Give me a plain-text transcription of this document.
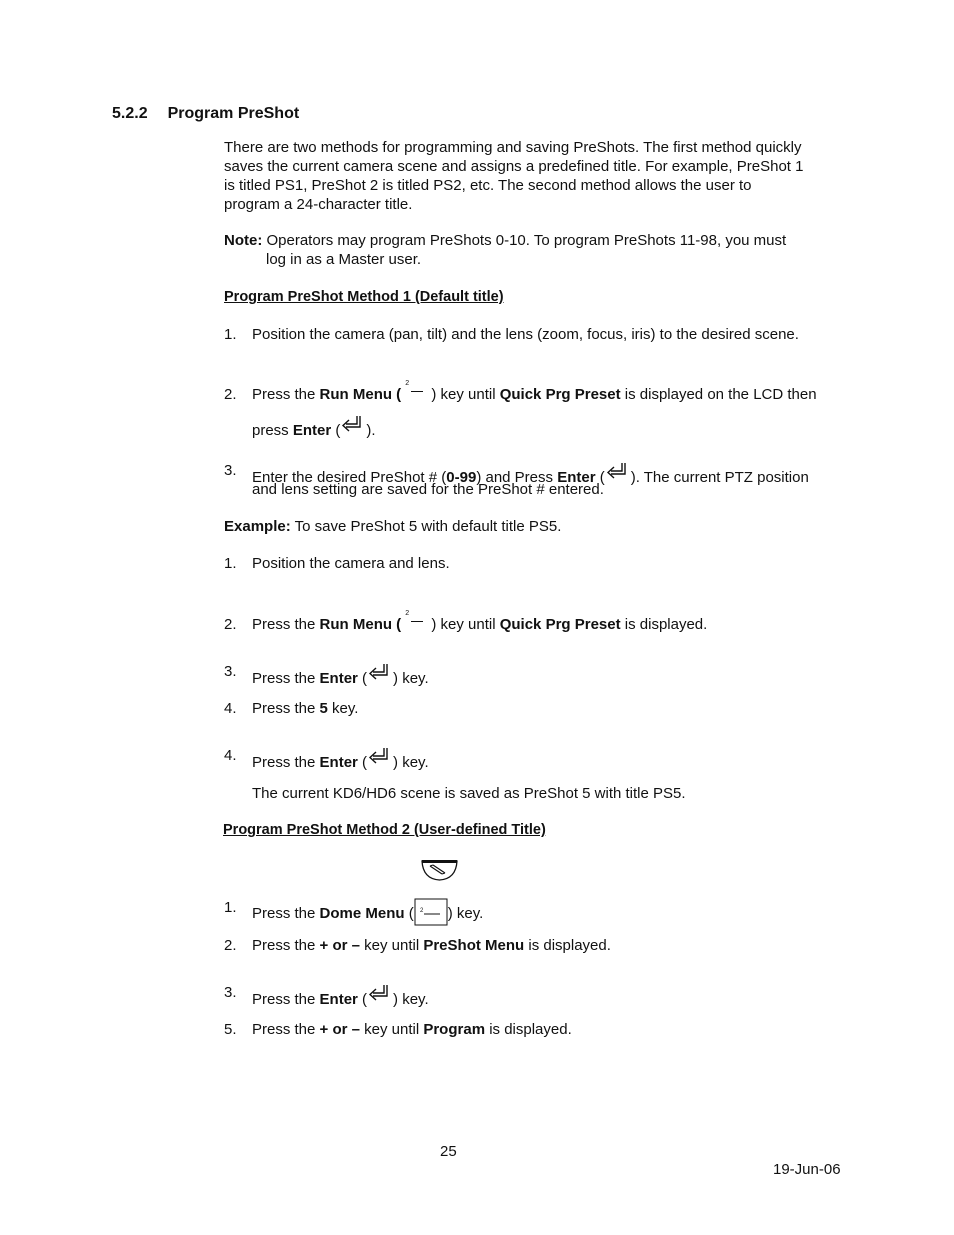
5.2.2 Program PreShot
There are two methods for programming and saving PreShots. The first method quickly
saves the current camera scene and assigns a predefined title. For example, PreShot 1
is titled PS1, PreShot 2 is titled PS2, etc. The second method allows the user to
program a 24-character title.
Note: Operators may program PreShots 0-10. To program PreShots 11-98, you must
log in as a Master user.
Program PreShot Method 1 (Default title)
1. Position the camera (pan, tilt) and the lens (zoom, focus, iris) to the desired scene.
2. Press the Run Menu (
2
) key until Quick Prg Preset is displayed on the LCD then
press Enter ( ).
3. Enter the desired PreShot # (0-99) and Press Enter ( ). The current PTZ position
and lens setting are saved for the PreShot # entered.
Example: To save PreShot 5 with default title PS5.
1. Position the camera and lens.
2. Press the Run Menu (
2
) key until Quick Prg Preset is displayed.
3. Press the Enter ( ) key.
4. Press the 5 key.
4. Press the Enter ( ) key.
The current KD6/HD6 scene is saved as PreShot 5 with title PS5.
Program PreShot Method 2 (User-defined Title)
1. Press the Dome Menu ( 2 ) key.
2. Press the + or – key until PreShot Menu is displayed.
3. Press the Enter ( ) key.
5. Press the + or – key until Program is displayed.
25
19-Jun-06
